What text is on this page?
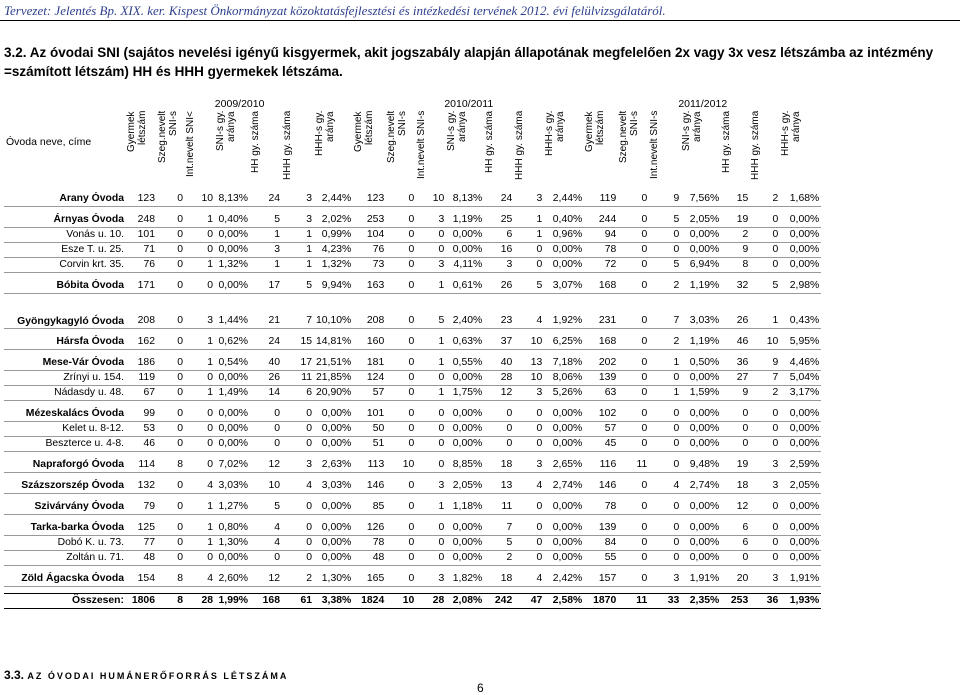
Tervezet: Jelentés Bp. XIX. ker. Kispest Önkormányzat közoktatásfejlesztési és intézkedési tervének 2012. évi felülvizsgálatáról.
3.2. Az óvodai SNI (sajátos nevelési igényű kisgyermek, akit jogszabály alapján állapotának megfelelően 2x vagy 3x vesz létszámba az intézmény =számított létszám) HH és HHH gyermekek létszáma.
Óvoda neve, címe	2009/2010							2010/2011							2011/2012						
	Gyermek létszám	Szeg.nevelt SNI-s	Int.nevelt SNI<	SNI-s gy. aránya	HH gy. száma	HHH gy. száma	HHH-s gy. aránya	Gyermek létszám	Szeg.nevelt SNI-s	Int.nevelt SNI-s	SNI-s gy. aránya	HH gy. száma	HHH gy. száma	HHH-s gy. aránya	Gyermek létszám	Szeg.nevelt SNI-s	Int.nevelt SNI-s	SNI-s gy. aránya	HH gy. száma	HHH gy. száma	HHH-s gy. aránya

Arany Óvoda	123	0	10	8,13%	24	3	2,44%	123	0	10	8,13%	24	3	2,44%	119	0	9	7,56%	15	2	1,68%

Árnyas Óvoda	248	0	1	0,40%	5	3	2,02%	253	0	3	1,19%	25	1	0,40%	244	0	5	2,05%	19	0	0,00%
Vonás u. 10.	101	0	0	0,00%	1	1	0,99%	104	0	0	0,00%	6	1	0,96%	94	0	0	0,00%	2	0	0,00%
Esze T. u. 25.	71	0	0	0,00%	3	1	4,23%	76	0	0	0,00%	16	0	0,00%	78	0	0	0,00%	9	0	0,00%
Corvin krt. 35.	76	0	1	1,32%	1	1	1,32%	73	0	3	4,11%	3	0	0,00%	72	0	5	6,94%	8	0	0,00%

Bóbita Óvoda	171	0	0	0,00%	17	5	9,94%	163	0	1	0,61%	26	5	3,07%	168	0	2	1,19%	32	5	2,98%

Gyöngykagyló Óvoda	208	0	3	1,44%	21	7	10,10%	208	0	5	2,40%	23	4	1,92%	231	0	7	3,03%	26	1	0,43%

Hársfa Óvoda	162	0	1	0,62%	24	15	14,81%	160	0	1	0,63%	37	10	6,25%	168	0	2	1,19%	46	10	5,95%

Mese-Vár Óvoda	186	0	1	0,54%	40	17	21,51%	181	0	1	0,55%	40	13	7,18%	202	0	1	0,50%	36	9	4,46%
Zrínyi u. 154.	119	0	0	0,00%	26	11	21,85%	124	0	0	0,00%	28	10	8,06%	139	0	0	0,00%	27	7	5,04%
Nádasdy u. 48.	67	0	1	1,49%	14	6	20,90%	57	0	1	1,75%	12	3	5,26%	63	0	1	1,59%	9	2	3,17%

Mézeskalács Óvoda	99	0	0	0,00%	0	0	0,00%	101	0	0	0,00%	0	0	0,00%	102	0	0	0,00%	0	0	0,00%
Kelet u. 8-12.	53	0	0	0,00%	0	0	0,00%	50	0	0	0,00%	0	0	0,00%	57	0	0	0,00%	0	0	0,00%
Beszterce u. 4-8.	46	0	0	0,00%	0	0	0,00%	51	0	0	0,00%	0	0	0,00%	45	0	0	0,00%	0	0	0,00%

Napraforgó Óvoda	114	8	0	7,02%	12	3	2,63%	113	10	0	8,85%	18	3	2,65%	116	11	0	9,48%	19	3	2,59%

Százszorszép Óvoda	132	0	4	3,03%	10	4	3,03%	146	0	3	2,05%	13	4	2,74%	146	0	4	2,74%	18	3	2,05%

Szivárvány Óvoda	79	0	1	1,27%	5	0	0,00%	85	0	1	1,18%	11	0	0,00%	78	0	0	0,00%	12	0	0,00%

Tarka-barka Óvoda	125	0	1	0,80%	4	0	0,00%	126	0	0	0,00%	7	0	0,00%	139	0	0	0,00%	6	0	0,00%
Dobó K. u. 73.	77	0	1	1,30%	4	0	0,00%	78	0	0	0,00%	5	0	0,00%	84	0	0	0,00%	6	0	0,00%
Zoltán u. 71.	48	0	0	0,00%	0	0	0,00%	48	0	0	0,00%	2	0	0,00%	55	0	0	0,00%	0	0	0,00%

Zöld Ágacska Óvoda	154	8	4	2,60%	12	2	1,30%	165	0	3	1,82%	18	4	2,42%	157	0	3	1,91%	20	3	1,91%

Összesen:	1806	8	28	1,99%	168	61	3,38%	1824	10	28	2,08%	242	47	2,58%	1870	11	33	2,35%	253	36	1,93%
3.3. AZ ÓVODAI HUMÁNERŐFORRÁS LÉTSZÁMA
6
